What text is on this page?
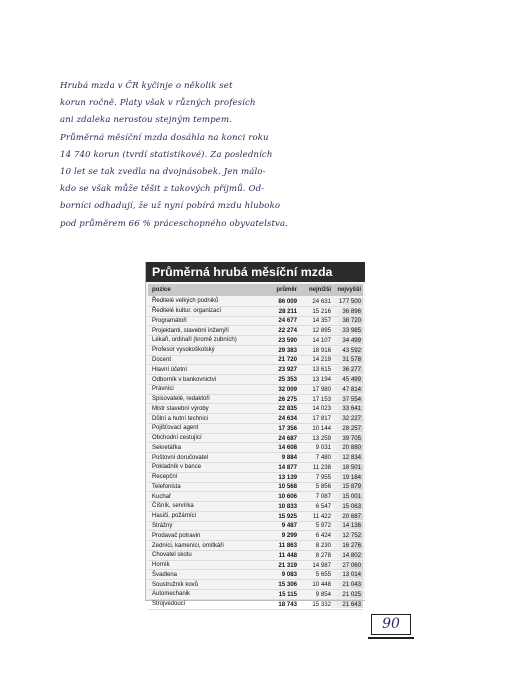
Hrubá mzda v ČR kyčinje o několik set
korun ročně. Platy však v různých profesích
ani zdaleka nerostou stejným tempem.
Průměrná měsíční mzda dosáhla na konci roku
14 740 korun (tvrdí statistikové). Za posledních
10 let se tak zvedla na dvojnásobek. Jen málo-
kdo se však může těšit z takových příjmů. Od-
borníci odhadují, že už nyní pobírá mzdu hluboko
pod průměrem 66 % práceschopného obyvatelstva.
Průměrná hrubá měsíční mzda
pozice	průměr	nejnižší	nejvyšší
Ředitelé velkých podniků	86 009	24 631	177 500
Ředitelé kultur. organizací	28 211	15 216	36 896
Programátoři	24 677	14 357	38 720
Projektanti, stavební inženýři	22 274	12 895	33 985
Lékaři, ordinaři (kromě zubních)	23 590	14 107	34 499
Profesor vysokoškolský	29 383	18 916	43 592
Docent	21 720	14 219	31 578
Hlavní účetní	23 927	13 615	36 277
Odborník v bankovnictví	25 353	13 194	45 499
Právníci	32 009	17 980	47 814
Spisovatelé, redaktoři	26 275	17 153	37 554
Mistr stavební výroby	22 835	14 023	33 641
Důlní a hutní technici	24 634	17 817	32 227
Pojišťovací agent	17 356	10 144	28 257
Obchodní cestující	24 687	13 259	39 705
Sekretářka	14 608	9 031	20 880
Poštovní doručovatel	9 884	7 480	12 834
Pokladník v bance	14 877	11 238	18 501
Recepční	13 139	7 955	19 184
Telefonista	10 568	5 856	15 879
Kuchař	10 606	7 087	15 001
Číšník, servírka	10 833	6 547	15 063
Hasiči, požárníci	15 925	11 422	20 687
Strážný	9 487	5 972	14 136
Prodavač potravin	9 299	6 424	12 752
Zedníci, kameníci, omítkáři	11 863	8 230	16 276
Chovatel skotu	11 448	8 278	14 802
Horník	21 319	14 987	27 060
Švadlena	9 083	5 655	13 014
Soustružník kovů	15 306	10 448	21 043
Automechanik	15 115	9 854	21 025
Strojvedoucí	18 743	15 332	21 643
90
